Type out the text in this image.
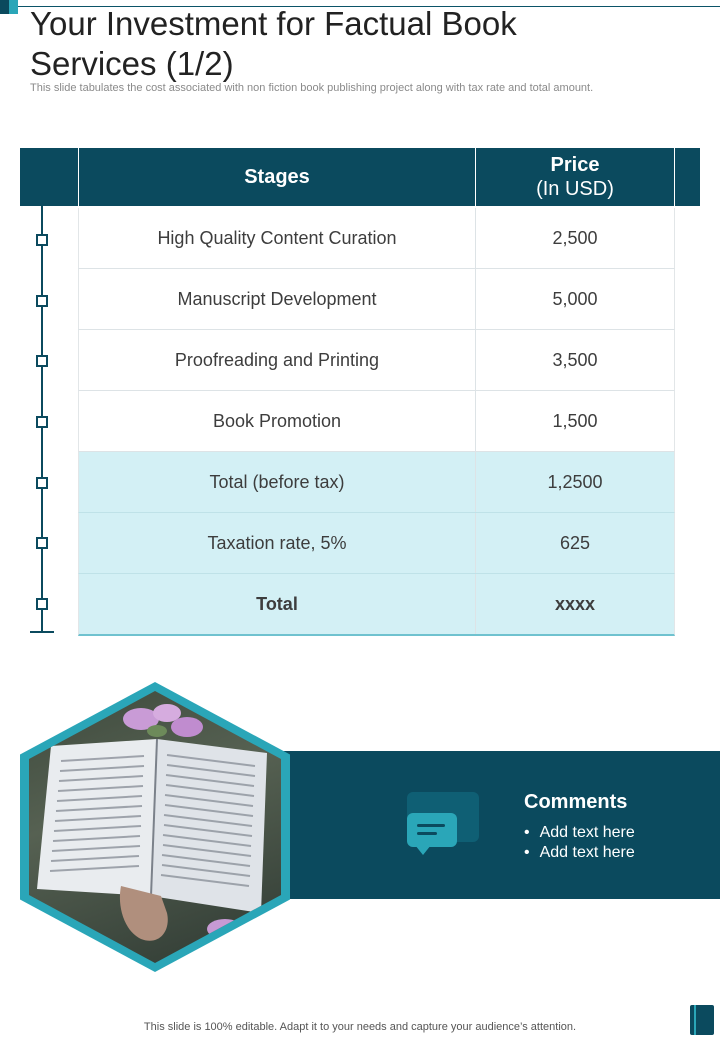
Your Investment for Factual Book Services (1/2)

This slide tabulates the cost associated with non fiction book publishing project along with tax rate and total amount.

Stages
Price
(In USD)
High Quality Content Curation	2,500
Manuscript Development	5,000
Proofreading and Printing	3,500
Book Promotion	1,500
Total (before tax)	1,2500
Taxation rate, 5%	625
Total	xxxx
Comments
• Add text here
• Add text here
This slide is 100% editable. Adapt it to your needs and capture your audience’s attention.
